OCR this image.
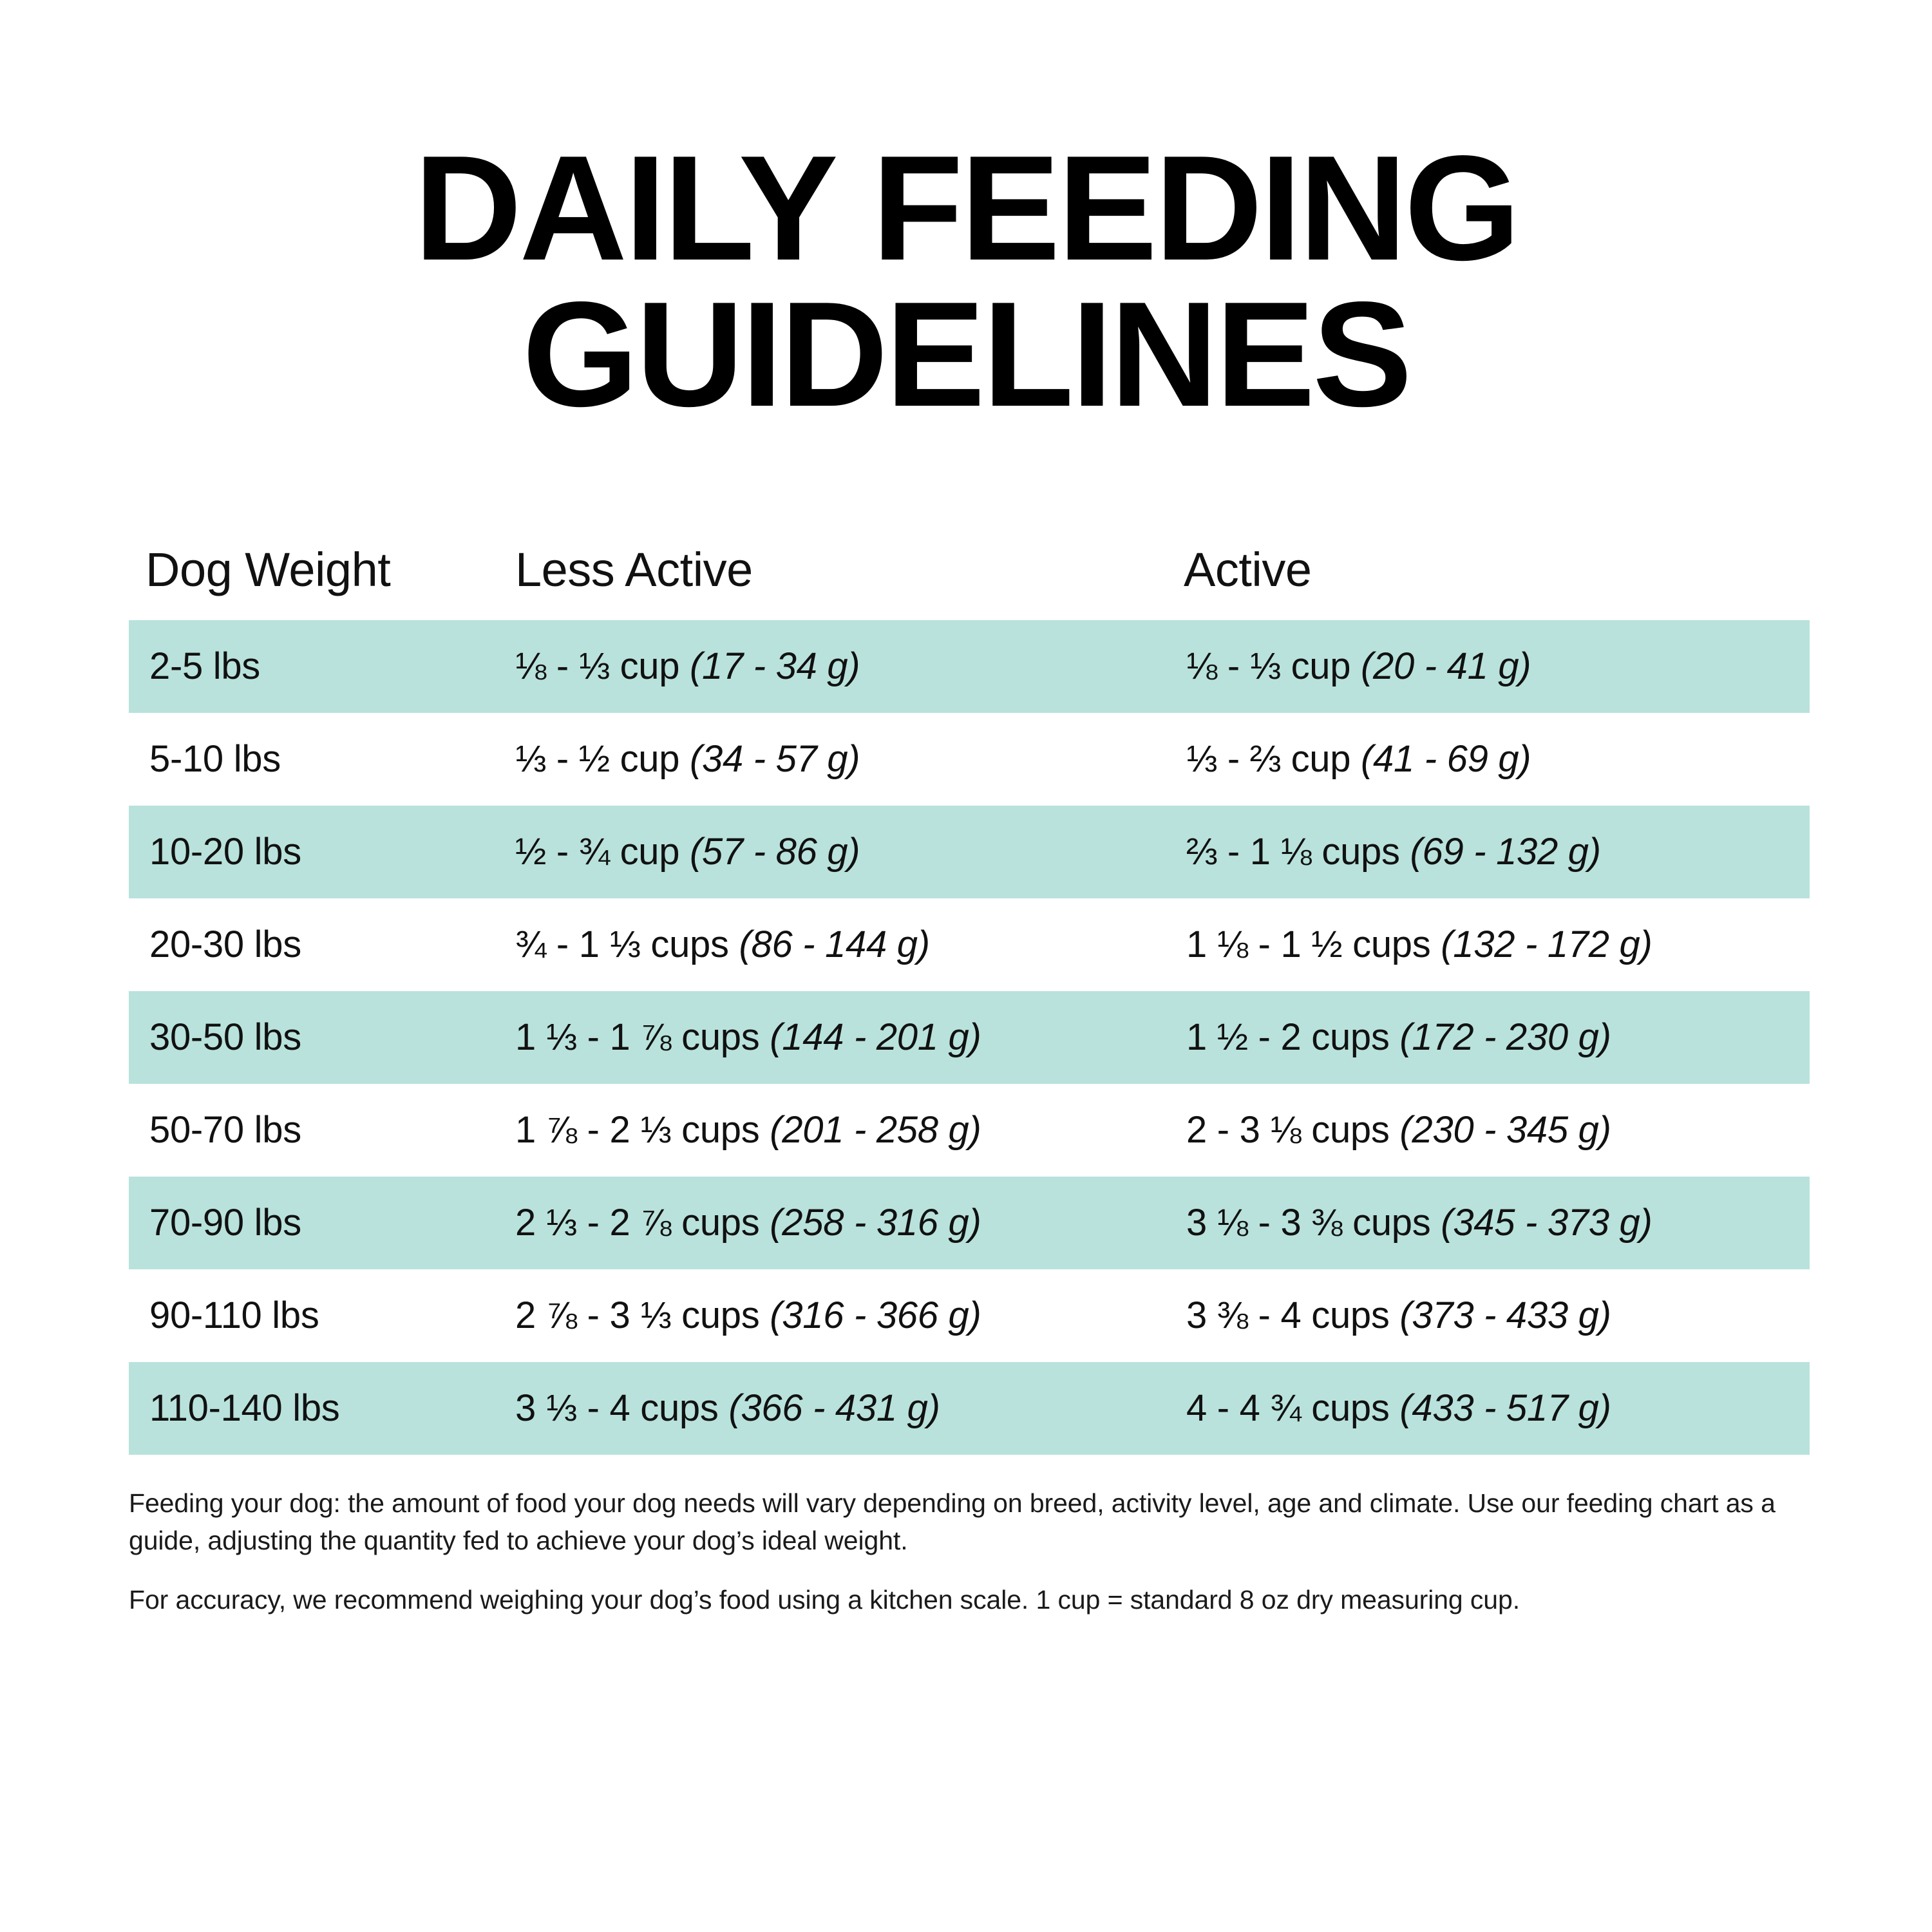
DAILY FEEDING
GUIDELINES
Dog Weight	Less Active	Active
2-5 lbs	⅛ - ⅓ cup (17 - 34 g)	⅛ - ⅓ cup (20 - 41 g)
5-10 lbs	⅓ - ½ cup (34 - 57 g)	⅓ - ⅔ cup (41 - 69 g)
10-20 lbs	½ - ¾ cup (57 - 86 g)	⅔ - 1 ⅛ cups (69 - 132 g)
20-30 lbs	¾ - 1 ⅓ cups (86 - 144 g)	1 ⅛ - 1 ½ cups (132 - 172 g)
30-50 lbs	1 ⅓ - 1 ⅞ cups (144 - 201 g)	1 ½ - 2 cups (172 - 230 g)
50-70 lbs	1 ⅞ - 2 ⅓ cups (201 - 258 g)	2 - 3 ⅛ cups (230 - 345 g)
70-90 lbs	2 ⅓ - 2 ⅞ cups (258 - 316 g)	3 ⅛ - 3 ⅜ cups (345 - 373 g)
90-110 lbs	2 ⅞ - 3 ⅓ cups (316 - 366 g)	3 ⅜ - 4 cups (373 - 433 g)
110-140 lbs	3 ⅓ - 4 cups (366 - 431 g)	4 - 4 ¾ cups (433 - 517 g)

Feeding your dog: the amount of food your dog needs will vary depending on breed, activity level, age and climate. Use our feeding chart as a guide, adjusting the quantity fed to achieve your dog’s ideal weight.

For accuracy, we recommend weighing your dog’s food using a kitchen scale. 1 cup = standard 8 oz dry measuring cup.
